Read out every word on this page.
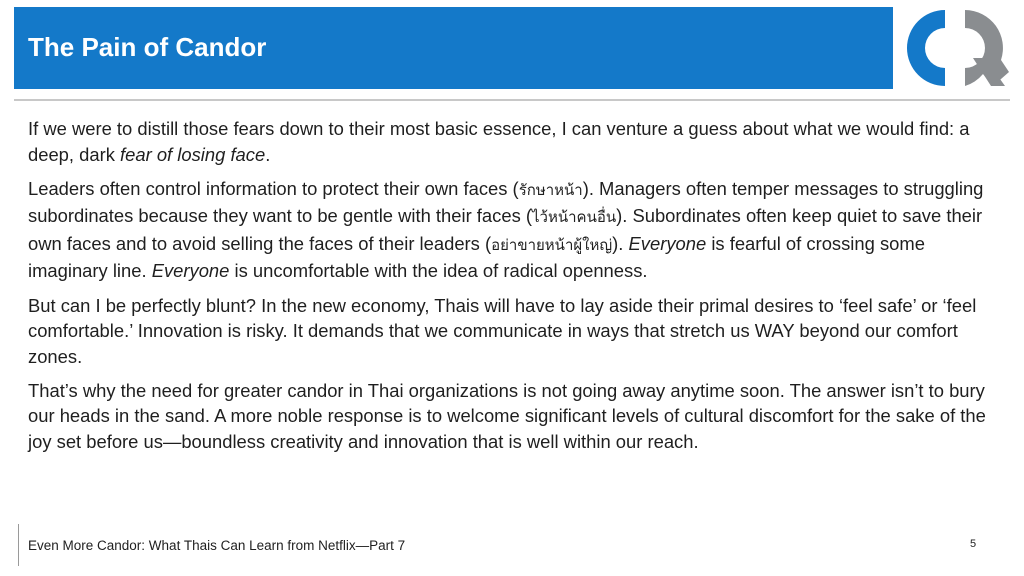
The Pain of Candor

If we were to distill those fears down to their most basic essence, I can venture a guess about what we would find: a deep, dark fear of losing face.

Leaders often control information to protect their own faces (รักษาหน้า). Managers often temper messages to struggling subordinates because they want to be gentle with their faces (ไว้หน้าคนอื่น). Subordinates often keep quiet to save their own faces and to avoid selling the faces of their leaders (อย่าขายหน้าผู้ใหญ่). Everyone is fearful of crossing some imaginary line. Everyone is uncomfortable with the idea of radical openness.

But can I be perfectly blunt? In the new economy, Thais will have to lay aside their primal desires to ‘feel safe’ or ‘feel comfortable.’ Innovation is risky. It demands that we communicate in ways that stretch us WAY beyond our comfort zones.

That’s why the need for greater candor in Thai organizations is not going away anytime soon. The answer isn’t to bury our heads in the sand. A more noble response is to welcome significant levels of cultural discomfort for the sake of the joy set before us—boundless creativity and innovation that is well within our reach.

Even More Candor: What Thais Can Learn from Netflix—Part 7	5
